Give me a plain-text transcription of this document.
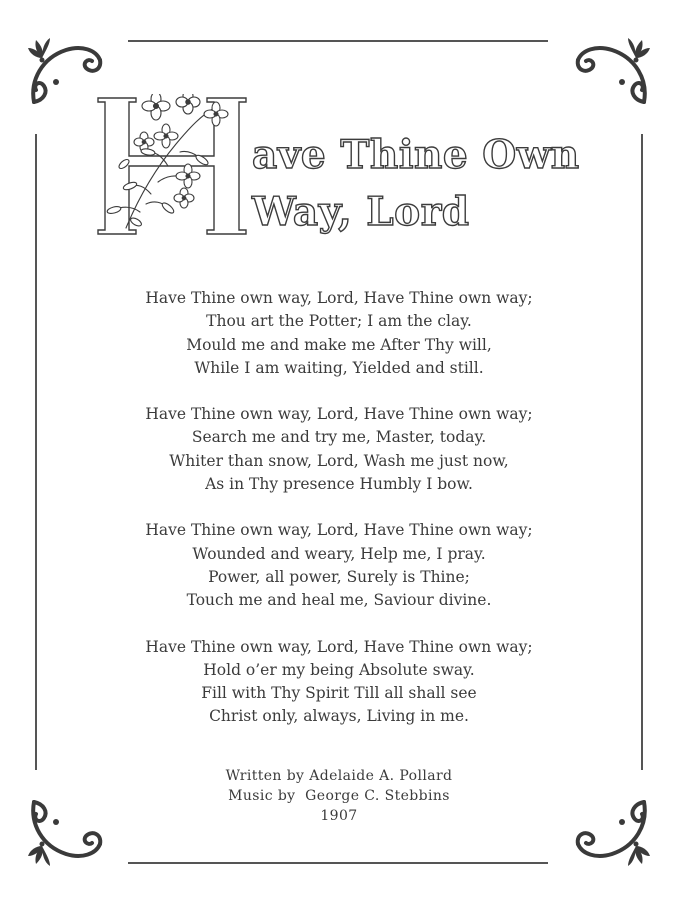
ave Thine Own
Way, Lord
Have Thine own way, Lord, Have Thine own way;
Thou art the Potter; I am the clay.
Mould me and make me After Thy will,
While I am waiting, Yielded and still.
Have Thine own way, Lord, Have Thine own way;
Search me and try me, Master, today.
Whiter than snow, Lord, Wash me just now,
As in Thy presence Humbly I bow.
Have Thine own way, Lord, Have Thine own way;
Wounded and weary, Help me, I pray.
Power, all power, Surely is Thine;
Touch me and heal me, Saviour divine.
Have Thine own way, Lord, Have Thine own way;
Hold o’er my being Absolute sway.
Fill with Thy Spirit Till all shall see
Christ only, always, Living in me.
Written by Adelaide A. Pollard
Music by  George C. Stebbins
1907
